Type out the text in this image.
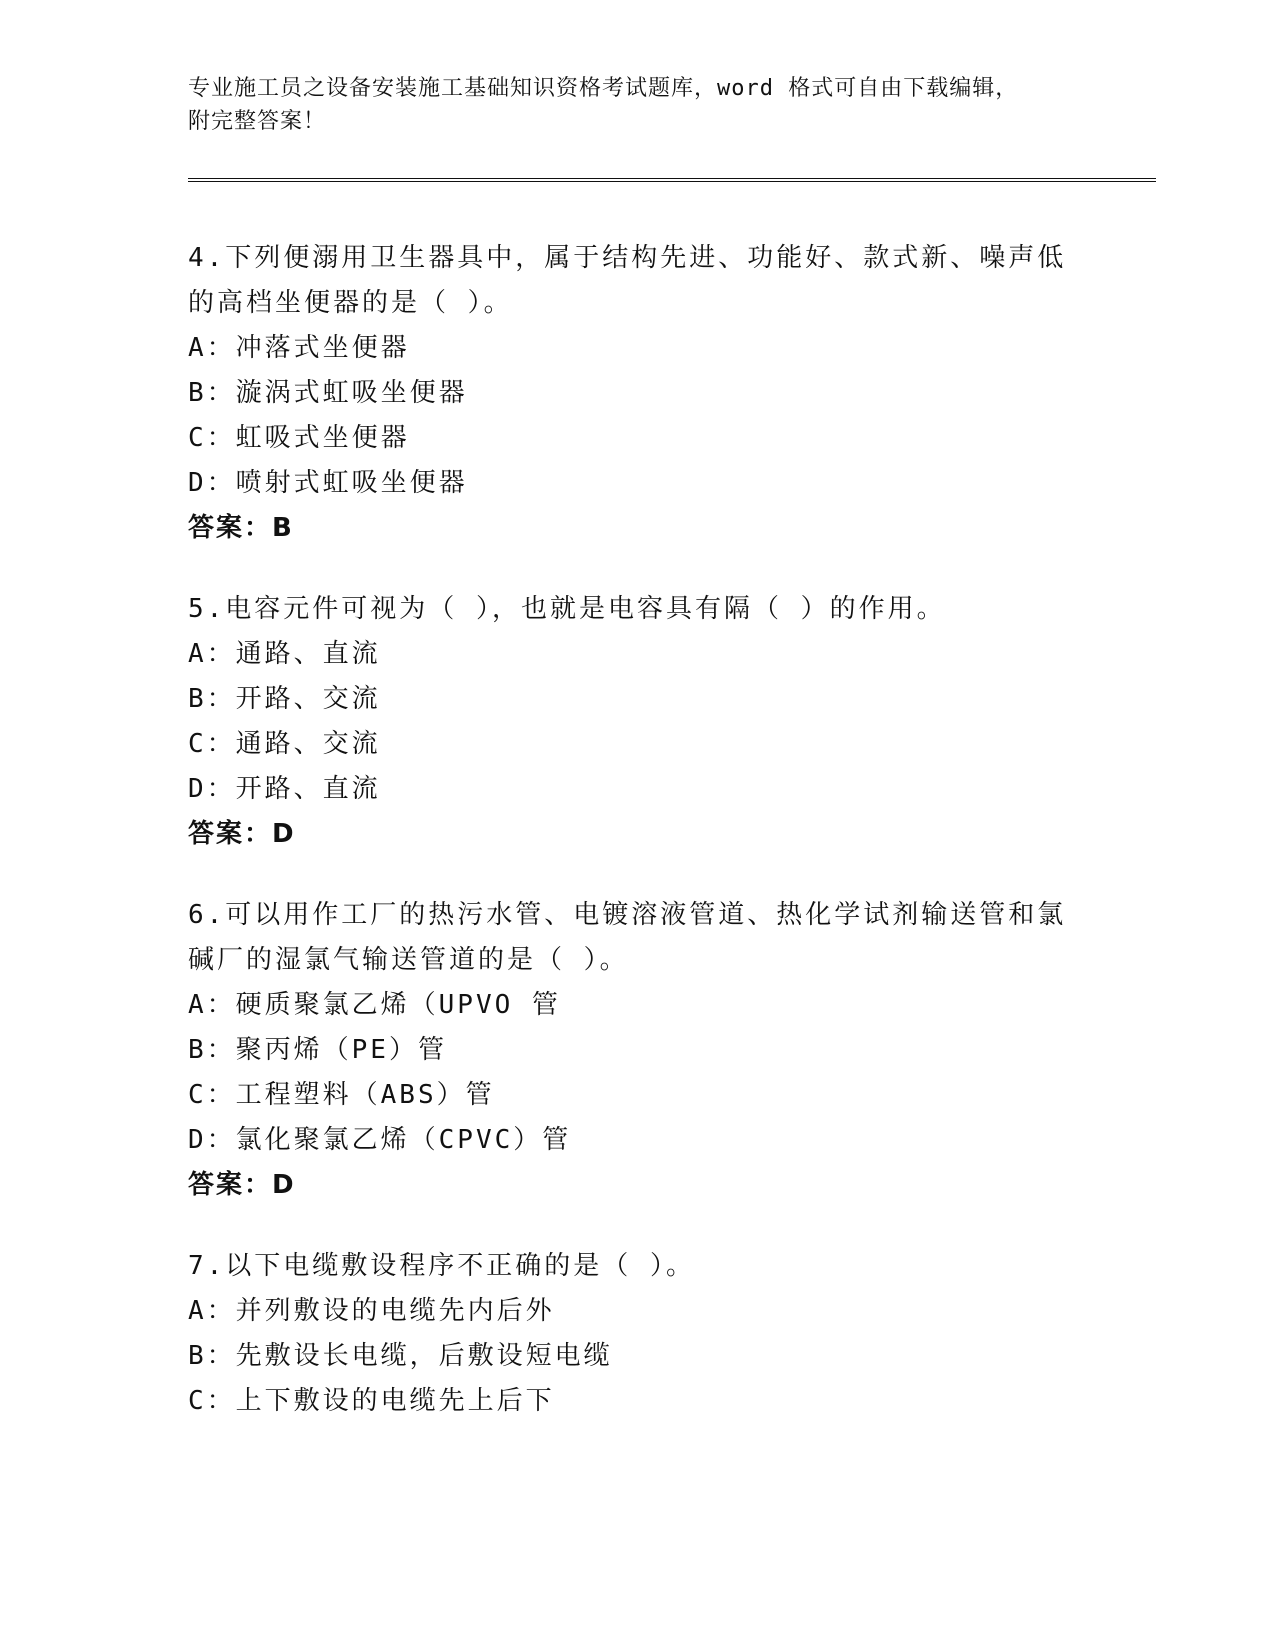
专业施工员之设备安装施工基础知识资格考试题库，word 格式可自由下载编辑，
附完整答案！
4.下列便溺用卫生器具中，属于结构先进、功能好、款式新、噪声低
的高档坐便器的是（ ）。
A：冲落式坐便器
B：漩涡式虹吸坐便器
C：虹吸式坐便器
D：喷射式虹吸坐便器
答案：B
5.电容元件可视为（ ），也就是电容具有隔（ ）的作用。
A：通路、直流
B：开路、交流
C：通路、交流
D：开路、直流
答案：D
6.可以用作工厂的热污水管、电镀溶液管道、热化学试剂输送管和氯
碱厂的湿氯气输送管道的是（ ）。
A：硬质聚氯乙烯（UPVO 管
B：聚丙烯（PE）管
C：工程塑料（ABS）管
D：氯化聚氯乙烯（CPVC）管
答案：D
7.以下电缆敷设程序不正确的是（ ）。
A：并列敷设的电缆先内后外
B：先敷设长电缆，后敷设短电缆
C：上下敷设的电缆先上后下
